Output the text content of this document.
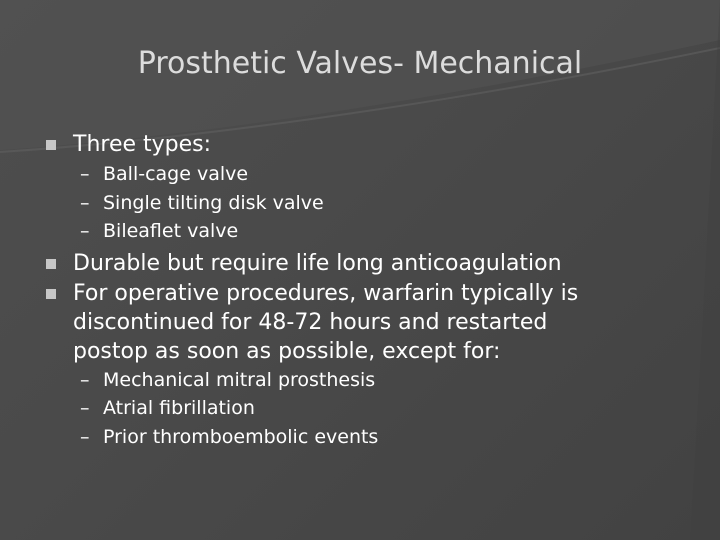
Prosthetic Valves- Mechanical
Three types:
– Ball-cage valve
– Single tilting disk valve
– Bileaflet valve
Durable but require life long anticoagulation
For operative procedures, warfarin typically is
discontinued for 48-72 hours and restarted
postop as soon as possible, except for:
– Mechanical mitral prosthesis
– Atrial fibrillation
– Prior thromboembolic events
